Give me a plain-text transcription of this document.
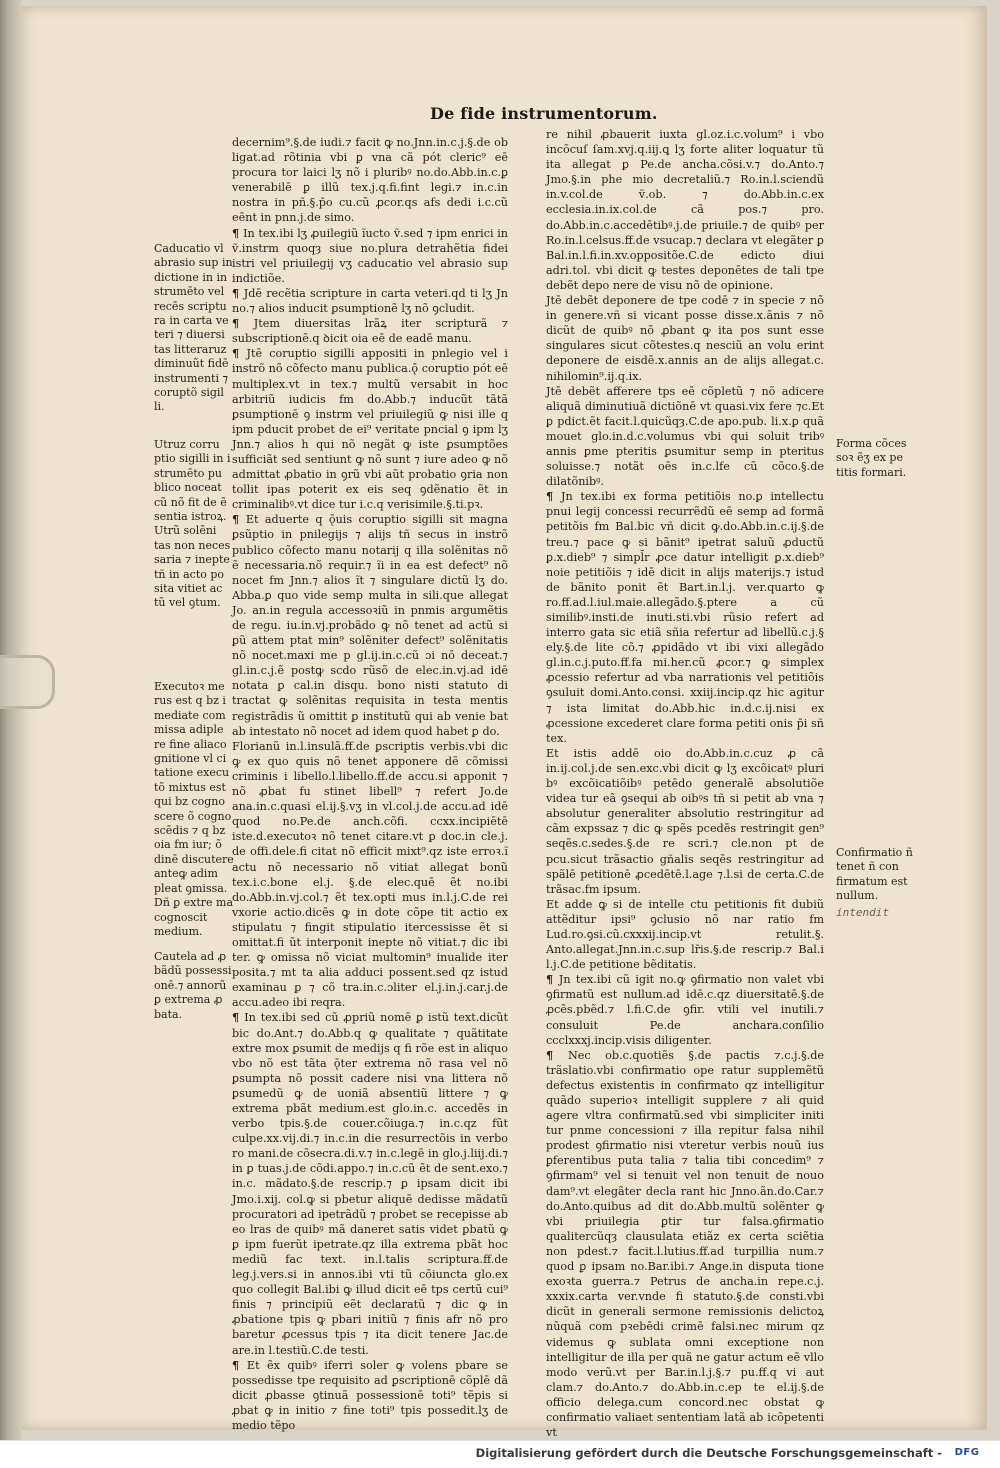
De fide instrumentorum.

Caducatio vl abrasio sup in dictione in in strumēto vel recēs scriptu ra in carta ve teri ⁊ diuersi tas litteraruz diminuũt fidē instrumenti ⁊ coruptõ sigil li.

Utruz corru ptio sigilli in i strumēto pu blico noceat cũ nõ fit de ẽ sentia istroꝝ. Utrũ solẽni tas non neces saria ⁊ inepte tñ in acto po sita vitiet ac tũ vel ꝯtum.

Executoꝛ me rus est q bz i mediate com missa adiple re fine aliaco gnitione vl ci tatione execu tõ mixtus est qui bz cogno scere õ cogno scēdis ⁊ q bz oia fm iur; õ dinē discutere anteꝙ adim pleat ꝯmissa. Dñ ꝑ extre ma cognoscit medium.

Cautela ad ꝓ bãdũ possessi onē.⁊ annorũ ꝑ extrema ꝓ bata.

decernim⁹.§.de iudi.⁊ facit ꝙ no.Jnn.in.c.j.§.de ob ligat.ad rõtinia vbi ꝑ vna cã pót cleric⁹ eē procura tor laici lʒ nõ i pluribꝰ no.do.Abb.in.c.ꝑ venerabilē ꝑ illũ tex.j.q.fi.fint legi.⁊ in.c.in nostra in pñ.§.p̄o cu.cũ ꝓcor.qs afs dedi i.c.cũ eēnt in pnn.j.de simo.

¶ In tex.ibi lʒ ꝓuilegiũ ĩucto ṽ.sed ⁊ ipm enrici in ṽ.instrm quoqȝ siue no.plura detrahẽtia fidei istri vel priuilegij vʒ caducatio vel abrasio sup indictiõe.

¶ Jdē recẽtia scripture in carta veteri.qd ti lʒ Jn no.⁊ alios inducit ꝑsumptionẽ lʒ nõ ꝯcludit.

¶ Jtem diuersitas lrãꝝ iter scripturã ⁊ subscriptionẽ.q ꝺicit oia eē de eadē manu.

¶ Jtē coruptio sigilli appositi in pnlegio vel i instrõ nõ cõfecto manu publica.ǭ coruptio pót eē multiplex.vt in tex.⁊ multũ versabit in hoc arbitriũ iudicis fm do.Abb.⁊ inducũt tãtã ꝑsumptionē ꝯ instrm vel priuilegiũ ꝙ nisi ille q ipm pducit probet de ei⁹ veritate pncial ꝯ ipm lʒ Jnn.⁊ alios h qui nõ negãt ꝙ iste ꝑsumptões sufficiãt sed sentiunt ꝙ nõ sunt ⁊ iure adeo ꝙ nõ admittat ꝓbatio in ꝯrũ vbi aũt probatio ꝯria non tollit ipas poterit ex eis seq ꝯdẽnatio ẽt in criminalibꝰ.vt dice tur i.c.q verisimile.§.ti.pꝛ.

¶ Et aduerte q ǭuis coruptio sigilli sit magna ꝑsũptio in pnilegijs ⁊ alijs tñ secus in instrõ publico cõfecto manu notarij q illa solẽnitas nõ ẽ necessaria.nõ requir.⁊ ĩi in ea est defect⁹ nõ nocet fm Jnn.⁊ alios ĩt ⁊ singulare dictũ lʒ do. Abba.ꝑ quo vide semp multa in sili.que allegat Jo. an.in regula accessoꝛiũ in pnmis argumẽtis de regu. iu.in.vj.probãdo ꝙ nõ tenet ad actũ si ꝑũ attem ptat min⁹ solẽniter defect⁹ solẽnitatis nõ nocet.maxi me p gl.ij.in.c.cũ ɔi nō deceat.⁊ gl.in.c.j.ẽ postꝙ scdo rũsõ de elec.in.vj.ad idē notata ꝑ cal.in disqu. bono nisti statuto di tractat ꝙ solẽnitas requisita in testa mentis registrãdis ũ omittit ꝑ institutũ qui ab venie bat ab intestato nõ nocet ad idem quod habet ꝑ do.

Florianũ in.l.insulã.ff.de ꝑscriptis verbis.vbi dic ꝙ ex quo quis nõ tenet apponere dẽ cõmissi criminis i libello.l.libello.ff.de accu.si apponit ⁊ nõ ꝓbat fu stinet libell⁹ ⁊ refert Jo.de ana.in.c.quasi el.ij.§.vʒ in vl.col.j.de accu.ad idē quod no.Pe.de anch.cõfi. ccxx.incipiētē iste.d.executoꝛ nõ tenet citare.vt ꝑ doc.in cle.j. de offi.dele.fi citat nõ efficit mixt⁹.qz iste erroꝛ.ĩ actu nõ necessario nõ vitiat allegat bonũ tex.i.c.bone el.j. §.de elec.quē ẽt no.ibi do.Abb.in.vj.col.⁊ ẽt tex.opti mus in.l.j.C.de rei vxorie actio.dicēs ꝙ in dote cõpe tit actio ex stipulatu ⁊ fingit stipulatio itercessisse ẽt si omittat.fi ũt interponit inepte nõ vitiat.⁊ dic ibi ter. ꝙ omissa nõ viciat multomin⁹ inualide iter posita.⁊ mt ta alia adduci possent.sed qz istud examinau ꝑ ⁊ cõ tra.in.c.ɔliter el.j.in.j.car.j.de accu.adeo ibi reqra.

¶ In tex.ibi sed cũ ꝓpriũ nomē ꝑ istũ text.dicũt bic do.Ant.⁊ do.Abb.q ꝙ qualitate ⁊ quãtitate extre mox ꝑsumit de medijs q fi rõe est in aliquo vbo nõ est tãta ǭter extrema nõ rasa vel nõ ꝑsumpta nõ possit cadere nisi vna littera nõ ꝑsumedũ ꝙ de uoniã absentiũ littere ⁊ ꝙ extrema pbãt medium.est glo.in.c. accedēs in verbo tpis.§.de couer.cõiuga.⁊ in.c.qz fũt culpe.xx.vij.di.⁊ in.c.in die resurrectõis in verbo ro mani.de cõsecra.di.v.⁊ in.c.legē in glo.j.liij.di.⁊ in ꝑ tuas.j.de cõdi.appo.⁊ in.c.cũ ẽt de sent.exo.⁊ in.c. mãdato.§.de rescrip.⁊ ꝑ ipsam dicit ibi Jmo.i.xij. col.ꝙ si pbetur aliquē dedisse mãdatũ procuratori ad ipetrãdũ ⁊ probet se recepisse ab eo lras de quibꝰ mã daneret satis videt ꝑbatũ ꝙ ꝑ ipm fuerũt ipetrate.qz illa extrema pbãt hoc mediũ fac text. in.l.talis scriptura.ff.de leg.j.vers.si in annos.ibi vti tũ cõiuncta glo.ex quo collegit Bal.ibi ꝙ illud dicit eē tps certũ cui⁹ finis ⁊ principiũ eẽt declaratũ ⁊ dic ꝙ in ꝓbatione tpis ꝙ pbari initiũ ⁊ finis afr nõ pro baretur ꝓcessus tpis ⁊ ita dicit tenere Jac.de are.in l.testiũ.C.de testi.

¶ Et ẽx quibꝰ iferri soler ꝙ volens pbare se possedisse tpe requisito ad ꝑscriptionē cõplē dã dicit ꝓbasse ꝯtinuã possessionē toti⁹ tẽpis si ꝓbat ꝙ in initio ⁊ fine toti⁹ tpis possedit.lʒ de medio tẽpo

re nihil ꝓbauerit iuxta gl.oz.i.c.volum⁹ i vbo incõcuſ ſam.xvj.q.iij.ꝗ lʒ forte aliter loquatur tũ ita allegat ꝑ Pe.de ancha.cõsi.v.⁊ do.Anto.⁊ Jmo.§.in phe mio decretaliũ.⁊ Ro.in.l.sciendũ in.v.col.de ṽ.ob. ⁊ do.Abb.in.c.ex ecclesia.in.ix.col.de cã pos.⁊ pro. do.Abb.in.c.accedētibꝰ.j.de priuile.⁊ de quibꝰ per Ro.in.l.celsus.ff.de vsucap.⁊ declara vt elegãter ꝑ Bal.in.l.fi.in.xv.oppositõe.C.de edicto diui adri.tol. vbi dicit ꝙ testes deponētes de tali tpe debẽt depo nere de visu nõ de opinione.

Jtē debẽt deponere de tpe codē ⁊ in specie ⁊ nõ in genere.vñ si vicant posse disse.x.ãnis ⁊ nõ dicũt de quibꝰ nõ ꝓbant ꝙ ita pos sunt esse singulares sicut cõtestes.q nesciũ an volu erint deponere de eisdē.x.annis an de alijs allegat.c. nihilomin⁹.ij.q.ix.

Jtē debẽt afferere tps eē cõpletũ ⁊ nõ adicere aliquã diminutiuã dictiõnē vt quasi.vix fere ⁊c.Et ꝑ pdict.ẽt facit.l.quicũqȝ.C.de apo.pub. li.x.ꝑ quã mouet glo.in.d.c.volumus vbi qui soluit tribꝰ annis ꝑme pteritis ꝑsumitur semp in pteritus soluisse.⁊ notãt oēs in.c.lfe cũ cõco.§.de dilatõnibꝰ.

¶ Jn tex.ibi ex forma petitiõis no.ꝑ intellectu pnui legij concessi recurrẽdũ eē semp ad formã petitõis fm Bal.bic vñ dicit ꝙ.do.Abb.in.c.ij.§.de treu.⁊ pace ꝙ si bãnit⁹ ipetrat saluũ ꝓductũ ꝑ.x.dieb⁹ ⁊ simpl̄r ꝓce datur intelligit ꝑ.x.dieb⁹ noie petitiõis ⁊ idē dicit in alijs materijs.⁊ istud de bãnito ponit ẽt Bart.in.l.j. ver.quarto ꝙ ro.ff.ad.l.iul.maie.allegãdo.§.ptere a cũ similibꝰ.insti.de inuti.sti.vbi rũsio refert ad interro gata sic etiã sñia refertur ad libellũ.c.j.§ ely.§.de lite cõ.⁊ ꝓpidãdo vt ibi vixi allegãdo gl.in.c.j.puto.ff.fa mi.her.cũ ꝓcor.⁊ ꝙ simplex ꝓcessio refertur ad vba narrationis vel petitiõis ꝯsuluit domi.Anto.consi. xxiij.incip.qz hic agitur ⁊ ista limitat do.Abb.hic in.d.c.ij.nisi ex ꝓcessione excederet clare forma petiti onis p̄i sñ tex.

Et istis addē oio do.Abb.in.c.cuz ꝓ cã in.ij.col.j.de sen.exc.vbi dicit ꝙ lʒ excõicatꝰ pluri bꝰ excõicatiõibꝰ petēdo generalẽ absolutiõe videa tur eã ꝯsequi ab oibꝰs tñ si petit ab vna ⁊ absolutur generaliter absolutio restringitur ad cãm expssaz ⁊ dic ꝙ spẽs pcedēs restringit gen⁹ seqẽs.c.sedes.§.de re scri.⁊ cle.non pt de pcu.sicut trãsactio gñalis seqẽs restringitur ad spãlē petitionē ꝓcedētē.l.age ⁊.l.si de certa.C.de trãsac.fm ipsum.

Et adde ꝙ si de intelle ctu petitionis fit dubiũ attẽditur ipsi⁹ ꝯclusio nõ nar ratio fm Lud.ro.ꝯsi.cũ.cxxxij.incip.vt retulit.§. Anto.allegat.Jnn.in.c.sup lr̄is.§.de rescrip.⁊ Bal.i l.j.C.de petitione bẽditatis.

¶ Jn tex.ibi cũ igit no.ꝙ ꝯfirmatio non valet vbi ꝯfirmatũ est nullum.ad idē.c.qz diuersitatē.§.de ꝓcẽs.pbẽd.⁊ l.fi.C.de ꝯfir. vtili vel inutili.⁊ consuluit Pe.de anchara.conſilio ccclxxxj.incip.visis diligenter.

¶ Nec ob.c.quotiẽs §.de pactis ⁊.c.j.§.de trãslatio.vbi confirmatio ope ratur supplemẽtũ defectus existentis in confirmato qz intelligitur quãdo superioꝛ intelligit supplere ⁊ ali quid agere vltra confirmatũ.sed vbi simpliciter initi tur pnme concessioni ⁊ illa repitur falsa nihil prodest ꝯfirmatio nisi vteretur verbis nouũ ius ꝑferentibus puta talia ⁊ talia tibi concedim⁹ ⁊ ꝯfirmam⁹ vel si tenuit vel non tenuit de nouo dam⁹.vt elegãter decla rant hic Jnno.ãn.do.Car.⁊ do.Anto.quibus ad dit do.Abb.multũ solẽnter ꝙ vbi priuilegia ꝑtir tur falsa.ꝯfirmatio qualitercũqȝ clausulata etiãz ex certa sciẽtia non pdest.⁊ facit.l.lutius.ff.ad turpillia num.⁊ quod ꝑ ipsam no.Bar.ibi.⁊ Ange.in disputa tione exoꝛta guerra.⁊ Petrus de ancha.in repe.c.j. xxxix.carta ver.vnde fi statuto.§.de consti.vbi dicũt in generali sermone remissionis delictoꝝ nũquã com pꝛebēdi crimē falsi.nec mirum qz videmus ꝙ sublata omni exceptione non intelligitur de illa per quã ne gatur actum eē vllo modo verũ.vt per Bar.in.l.j.§.⁊ pu.ff.q vi aut clam.⁊ do.Anto.⁊ do.Abb.in.c.ep te el.ij.§.de officio delega.cum concord.nec obstat ꝙ confirmatio valiaet sententiam latã ab icõpetenti vt

Forma cõces soꝛ ẽʒ ex pe titis formari.

Confirmatio ñ tenet ñ con firmatum est nullum.

intendit

Digitalisierung gefördert durch die Deutsche Forschungsgemeinschaft - DFG
